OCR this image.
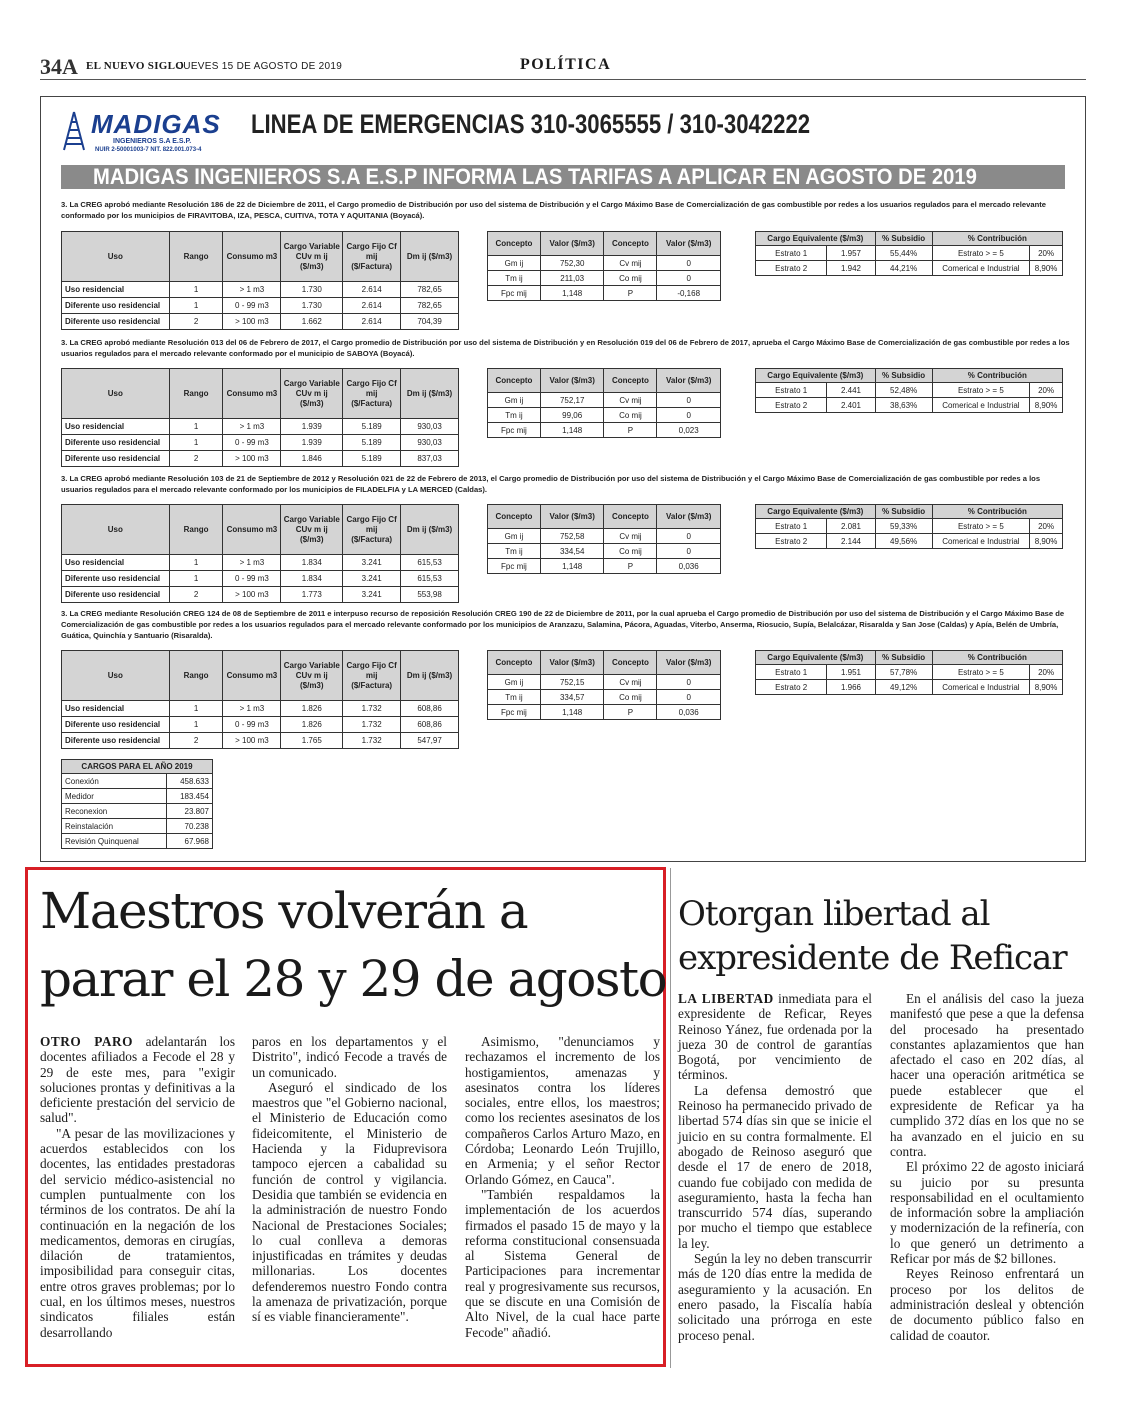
34A EL NUEVO SIGLO
JUEVES 15 DE AGOSTO DE 2019	POLÍTICA
MADIGAS
INGENIEROS S.A E.S.P.
NUIR 2-50001003-7 NIT. 822.001.073-4
LINEA DE EMERGENCIAS 310-3065555 / 310-3042222
MADIGAS INGENIEROS S.A E.S.P INFORMA LAS TARIFAS A APLICAR EN AGOSTO DE 2019
3. La CREG aprobó mediante Resolución 186 de 22 de Diciembre de 2011, el Cargo promedio de Distribución por uso del sistema de Distribución y el Cargo Máximo Base de Comercialización de gas combustible por redes a los usuarios regulados para el mercado relevante conformado por los municipios de FIRAVITOBA, IZA, PESCA, CUITIVA, TOTA Y AQUITANIA (Boyacá).
3. La CREG aprobó mediante Resolución 013 del 06 de Febrero de 2017, el Cargo promedio de Distribución por uso del sistema de Distribución y en Resolución 019 del 06 de Febrero de 2017, aprueba el Cargo Máximo Base de Comercialización de gas combustible por redes a los usuarios regulados para el mercado relevante conformado por el municipio de SABOYA (Boyacá).
3. La CREG aprobó mediante Resolución 103 de 21 de Septiembre de 2012 y Resolución 021 de 22 de Febrero de 2013, el Cargo promedio de Distribución por uso del sistema de Distribución y el Cargo Máximo Base de Comercialización de gas combustible por redes a los usuarios regulados para el mercado relevante conformado por los municipios de FILADELFIA y LA MERCED (Caldas).
3. La CREG mediante Resolución CREG 124 de 08 de Septiembre de 2011 e interpuso recurso de reposición Resolución CREG 190 de 22 de Diciembre de 2011, por la cual aprueba el Cargo promedio de Distribución por uso del sistema de Distribución y el Cargo Máximo Base de Comercialización de gas combustible por redes a los usuarios regulados para el mercado relevante conformado por los municipios de Aranzazu, Salamina, Pácora, Aguadas, Viterbo, Anserma, Riosucio, Supía, Belalcázar, Risaralda y San Jose (Caldas) y Apía, Belén de Umbría, Guática, Quinchía y Santuario (Risaralda).
Uso	Rango	Consumo m3	Cargo Variable CUv m ij ($/m3)	Cargo Fijo Cf mij ($/Factura)	Dm ij ($/m3)
Uso residencial	1	> 1 m3	1.730	2.614	782,65
Diferente uso residencial	1	0 - 99 m3	1.730	2.614	782,65
Diferente uso residencial	2	> 100 m3	1.662	2.614	704,39
Concepto	Valor ($/m3)	Concepto	Valor ($/m3)
Gm ij	752,30	Cv mij	0
Tm ij	211,03	Co mij	0
Fpc mij	1,148	P	-0,168
Cargo Equivalente ($/m3)		% Subsidio	% Contribución	
Estrato 1	1.957	55,44%	Estrato > = 5	20%
Estrato 2	1.942	44,21%	Comerical e Industrial	8,90%
Uso	Rango	Consumo m3	Cargo Variable CUv m ij ($/m3)	Cargo Fijo Cf mij ($/Factura)	Dm ij ($/m3)
Uso residencial	1	> 1 m3	1.939	5.189	930,03
Diferente uso residencial	1	0 - 99 m3	1.939	5.189	930,03
Diferente uso residencial	2	> 100 m3	1.846	5.189	837,03
Concepto	Valor ($/m3)	Concepto	Valor ($/m3)
Gm ij	752,17	Cv mij	0
Tm ij	99,06	Co mij	0
Fpc mij	1,148	P	0,023
Cargo Equivalente ($/m3)		% Subsidio	% Contribución	
Estrato 1	2.441	52,48%	Estrato > = 5	20%
Estrato 2	2.401	38,63%	Comerical e Industrial	8,90%
Uso	Rango	Consumo m3	Cargo Variable CUv m ij ($/m3)	Cargo Fijo Cf mij ($/Factura)	Dm ij ($/m3)
Uso residencial	1	> 1 m3	1.834	3.241	615,53
Diferente uso residencial	1	0 - 99 m3	1.834	3.241	615,53
Diferente uso residencial	2	> 100 m3	1.773	3.241	553,98
Concepto	Valor ($/m3)	Concepto	Valor ($/m3)
Gm ij	752,58	Cv mij	0
Tm ij	334,54	Co mij	0
Fpc mij	1,148	P	0,036
Cargo Equivalente ($/m3)		% Subsidio	% Contribución	
Estrato 1	2.081	59,33%	Estrato > = 5	20%
Estrato 2	2.144	49,56%	Comerical e Industrial	8,90%
Uso	Rango	Consumo m3	Cargo Variable CUv m ij ($/m3)	Cargo Fijo Cf mij ($/Factura)	Dm ij ($/m3)
Uso residencial	1	> 1 m3	1.826	1.732	608,86
Diferente uso residencial	1	0 - 99 m3	1.826	1.732	608,86
Diferente uso residencial	2	> 100 m3	1.765	1.732	547,97
Concepto	Valor ($/m3)	Concepto	Valor ($/m3)
Gm ij	752,15	Cv mij	0
Tm ij	334,57	Co mij	0
Fpc mij	1,148	P	0,036
Cargo Equivalente ($/m3)		% Subsidio	% Contribución	
Estrato 1	1.951	57,78%	Estrato > = 5	20%
Estrato 2	1.966	49,12%	Comerical e Industrial	8,90%
CARGOS PARA EL AÑO 2019	
Conexión	458.633
Medidor	183.454
Reconexion	23.807
Reinstalación	70.238
Revisión Quinquenal	67.968
Maestros volverán a
parar el 28 y 29 de agosto

OTRO PARO adelantarán los docentes afiliados a Fecode el 28 y 29 de este mes, para "exigir soluciones prontas y definitivas a la deficiente prestación del servicio de salud".

"A pesar de las movilizaciones y acuerdos establecidos con los docentes, las entidades prestadoras del servicio médico-asistencial no cumplen puntualmente con los términos de los contratos. De ahí la continuación en la negación de los medicamentos, demoras en cirugías, dilación de tratamientos, imposibilidad para conseguir citas, entre otros graves problemas; por lo cual, en los últimos meses, nuestros sindicatos filiales están desarrollando

paros en los departamentos y el Distrito", indicó Fecode a través de un comunicado.

Aseguró el sindicado de los maestros que "el Gobierno nacional, el Ministerio de Educación como fideicomitente, el Ministerio de Hacienda y la Fiduprevisora tampoco ejercen a cabalidad su función de control y vigilancia. Desidia que también se evidencia en la administración de nuestro Fondo Nacional de Prestaciones Sociales; lo cual conlleva a demoras injustificadas en trámites y deudas millonarias. Los docentes defenderemos nuestro Fondo contra la amenaza de privatización, porque sí es viable financieramente".

Asimismo, "denunciamos y rechazamos el incremento de los hostigamientos, amenazas y asesinatos contra los líderes sociales, entre ellos, los maestros; como los recientes asesinatos de los compañeros Carlos Arturo Mazo, en Córdoba; Leonardo León Trujillo, en Armenia; y el señor Rector Orlando Gómez, en Cauca".

"También respaldamos la implementación de los acuerdos firmados el pasado 15 de mayo y la reforma constitucional consensuada al Sistema General de Participaciones para incrementar real y progresivamente sus recursos, que se discute en una Comisión de Alto Nivel, de la cual hace parte Fecode" añadió.

Otorgan libertad al
expresidente de Reficar

LA LIBERTAD inmediata para el expresidente de Reficar, Reyes Reinoso Yánez, fue ordenada por la jueza 30 de control de garantías Bogotá, por vencimiento de términos.

La defensa demostró que Reinoso ha permanecido privado de libertad 574 días sin que se inicie el juicio en su contra formalmente. El abogado de Reinoso aseguró que desde el 17 de enero de 2018, cuando fue cobijado con medida de aseguramiento, hasta la fecha han transcurrido 574 días, superando por mucho el tiempo que establece la ley.

Según la ley no deben transcurrir más de 120 días entre la medida de aseguramiento y la acusación. En enero pasado, la Fiscalía había solicitado una prórroga en este proceso penal.

En el análisis del caso la jueza manifestó que pese a que la defensa del procesado ha presentado constantes aplazamientos que han afectado el caso en 202 días, al hacer una operación aritmética se puede establecer que el expresidente de Reficar ya ha cumplido 372 días en los que no se ha avanzado en el juicio en su contra.

El próximo 22 de agosto iniciará su juicio por su presunta responsabilidad en el ocultamiento de información sobre la ampliación y modernización de la refinería, con lo que generó un detrimento a Reficar por más de $2 billones.

Reyes Reinoso enfrentará un proceso por los delitos de administración desleal y obtención de documento público falso en calidad de coautor.
